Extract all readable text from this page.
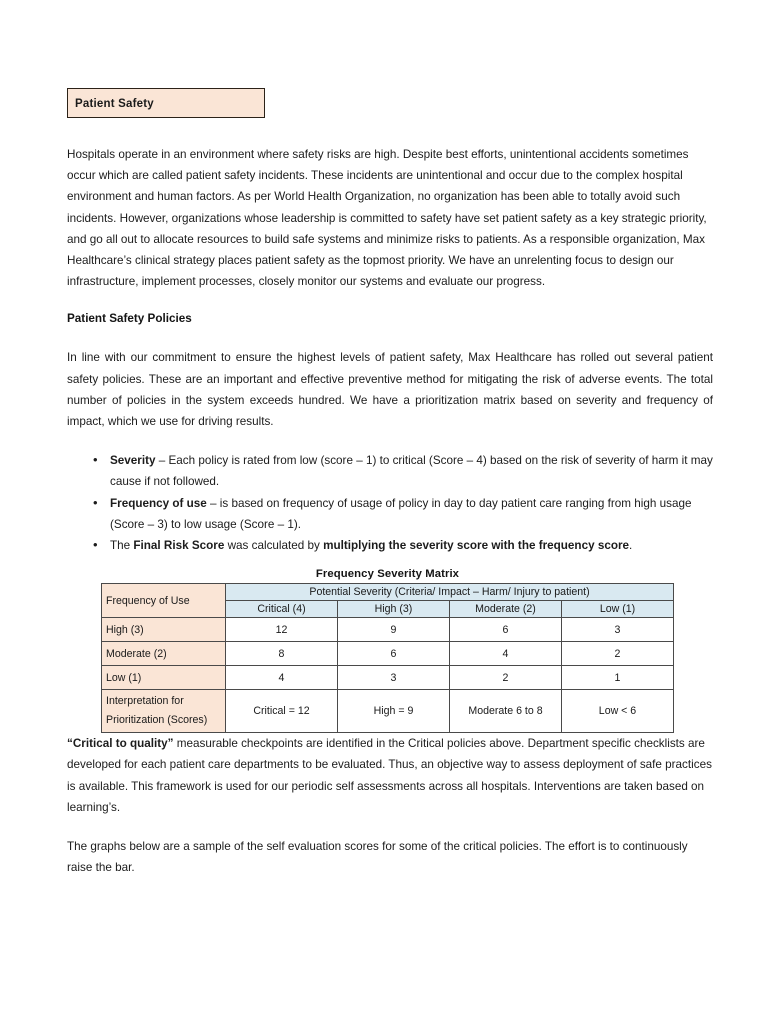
Patient Safety

Hospitals operate in an environment where safety risks are high. Despite best efforts, unintentional accidents sometimes occur which are called patient safety incidents. These incidents are unintentional and occur due to the complex hospital environment and human factors. As per World Health Organization, no organization has been able to totally avoid such incidents. However, organizations whose leadership is committed to safety have set patient safety as a key strategic priority, and go all out to allocate resources to build safe systems and minimize risks to patients. As a responsible organization, Max Healthcare’s clinical strategy places patient safety as the topmost priority. We have an unrelenting focus to design our infrastructure, implement processes, closely monitor our systems and evaluate our progress.

Patient Safety Policies

In line with our commitment to ensure the highest levels of patient safety, Max Healthcare has rolled out several patient safety policies. These are an important and effective preventive method for mitigating the risk of adverse events. The total number of policies in the system exceeds hundred. We have a prioritization matrix based on severity and frequency of impact, which we use for driving results.

• Severity – Each policy is rated from low (score – 1) to critical (Score – 4) based on the risk of severity of harm it may cause if not followed.
• Frequency of use – is based on frequency of usage of policy in day to day patient care ranging from high usage (Score – 3) to low usage (Score – 1).
• The Final Risk Score was calculated by multiplying the severity score with the frequency score.
Frequency Severity Matrix
Frequency of Use	Potential Severity (Criteria/ Impact – Harm/ Injury to patient)			
	Critical (4)	High (3)	Moderate (2)	Low (1)
High (3)	12	9	6	3
Moderate (2)	8	6	4	2
Low (1)	4	3	2	1
Interpretation for Prioritization (Scores)	Critical = 12	High = 9	Moderate 6 to 8	Low < 6

“Critical to quality” measurable checkpoints are identified in the Critical policies above. Department specific checklists are developed for each patient care departments to be evaluated. Thus, an objective way to assess deployment of safe practices is available. This framework is used for our periodic self assessments across all hospitals. Interventions are taken based on learning’s.

The graphs below are a sample of the self evaluation scores for some of the critical policies. The effort is to continuously raise the bar.
